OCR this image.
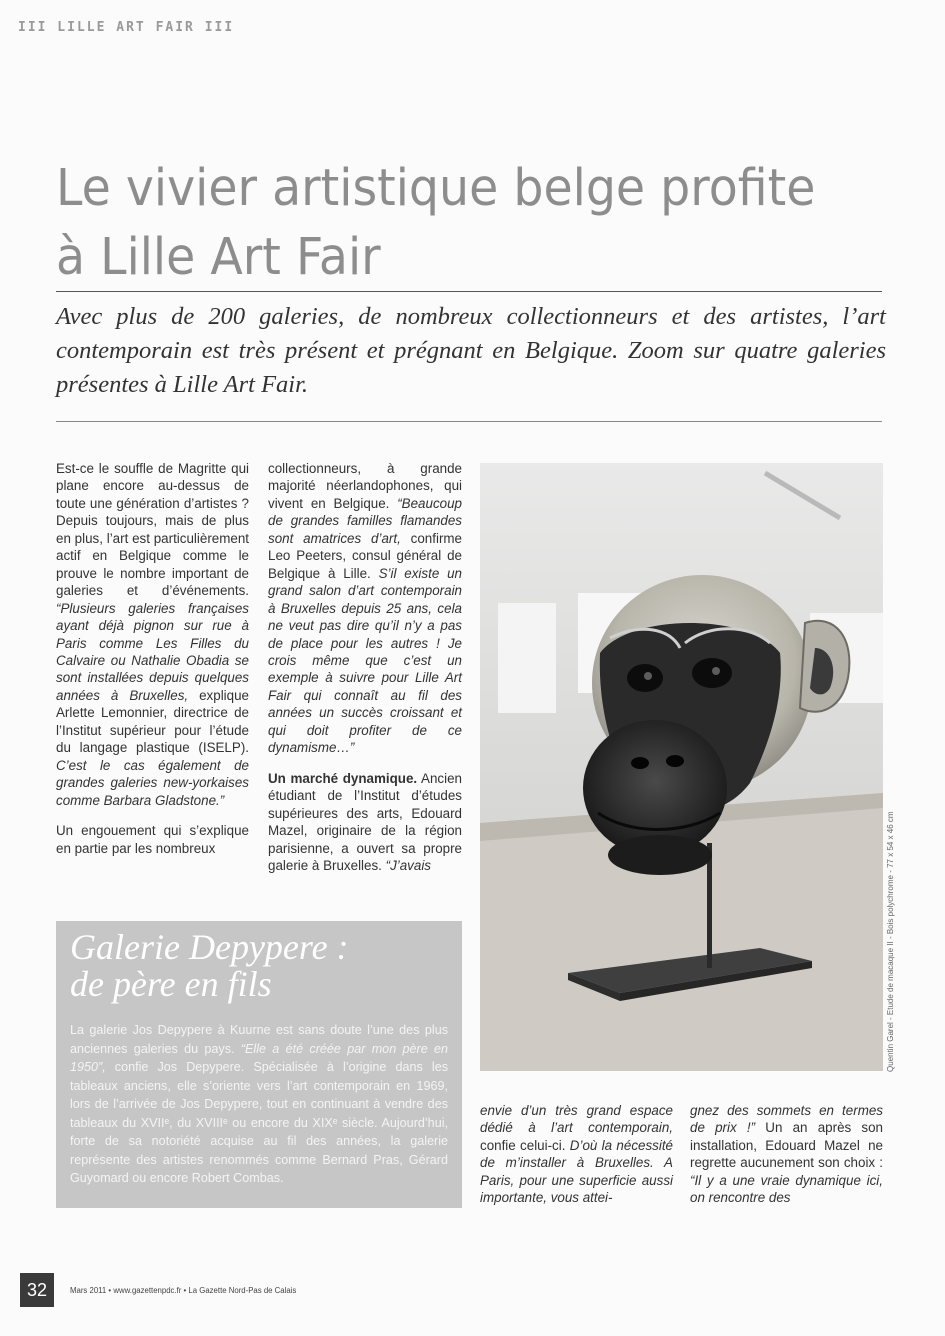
III LILLE ART FAIR III

Le vivier artistique belge profite à Lille Art Fair

Avec plus de 200 galeries, de nombreux collectionneurs et des artistes, l’art contemporain est très présent et prégnant en Belgique. Zoom sur quatre galeries présentes à Lille Art Fair.

Est-ce le souffle de Magritte qui plane encore au-dessus de toute une génération d’artistes ? Depuis toujours, mais de plus en plus, l’art est particulièrement actif en Belgique comme le prouve le nombre important de galeries et d’événements. “Plusieurs galeries françaises ayant déjà pignon sur rue à Paris comme Les Filles du Calvaire ou Nathalie Obadia se sont installées depuis quelques années à Bruxelles, explique Arlette Lemonnier, directrice de l’Institut supérieur pour l’étude du langage plastique (ISELP). C’est le cas également de grandes galeries new-yorkaises comme Barbara Gladstone.”

Un engouement qui s’explique en partie par les nombreux

collectionneurs, à grande majorité néerlandophones, qui vivent en Belgique. “Beaucoup de grandes familles flamandes sont amatrices d’art, confirme Leo Peeters, consul général de Belgique à Lille. S’il existe un grand salon d’art contemporain à Bruxelles depuis 25 ans, cela ne veut pas dire qu’il n’y a pas de place pour les autres ! Je crois même que c’est un exemple à suivre pour Lille Art Fair qui connaît au fil des années un succès croissant et qui doit profiter de ce dynamisme…”

Un marché dynamique. Ancien étudiant de l’Institut d’études supérieures des arts, Edouard Mazel, originaire de la région parisienne, a ouvert sa propre galerie à Bruxelles. “J’avais	Quentin Garel - Etude de macaque II - Bois polychrome - 77 x 54 x 46 cm
Galerie Depypere :
de père en fils

La galerie Jos Depypere à Kuurne est sans doute l’une des plus anciennes galeries du pays. “Elle a été créée par mon père en 1950”, confie Jos Depypere. Spécialisée à l’origine dans les tableaux anciens, elle s’oriente vers l’art contemporain en 1969, lors de l’arrivée de Jos Depypere, tout en continuant à vendre des tableaux du XVIIᵉ, du XVIIIᵉ ou encore du XIXᵉ siècle. Aujourd’hui, forte de sa notoriété acquise au fil des années, la galerie représente des artistes renommés comme Bernard Pras, Gérard Guyomard ou encore Robert Combas.

envie d’un très grand espace dédié à l’art contemporain, confie celui-ci. D’où la nécessité de m’installer à Bruxelles. A Paris, pour une superficie aussi importante, vous attei-

gnez des sommets en termes de prix !” Un an après son installation, Edouard Mazel ne regrette aucunement son choix : “Il y a une vraie dynamique ici, on rencontre des

32	Mars 2011 • www.gazettenpdc.fr • La Gazette Nord-Pas de Calais
